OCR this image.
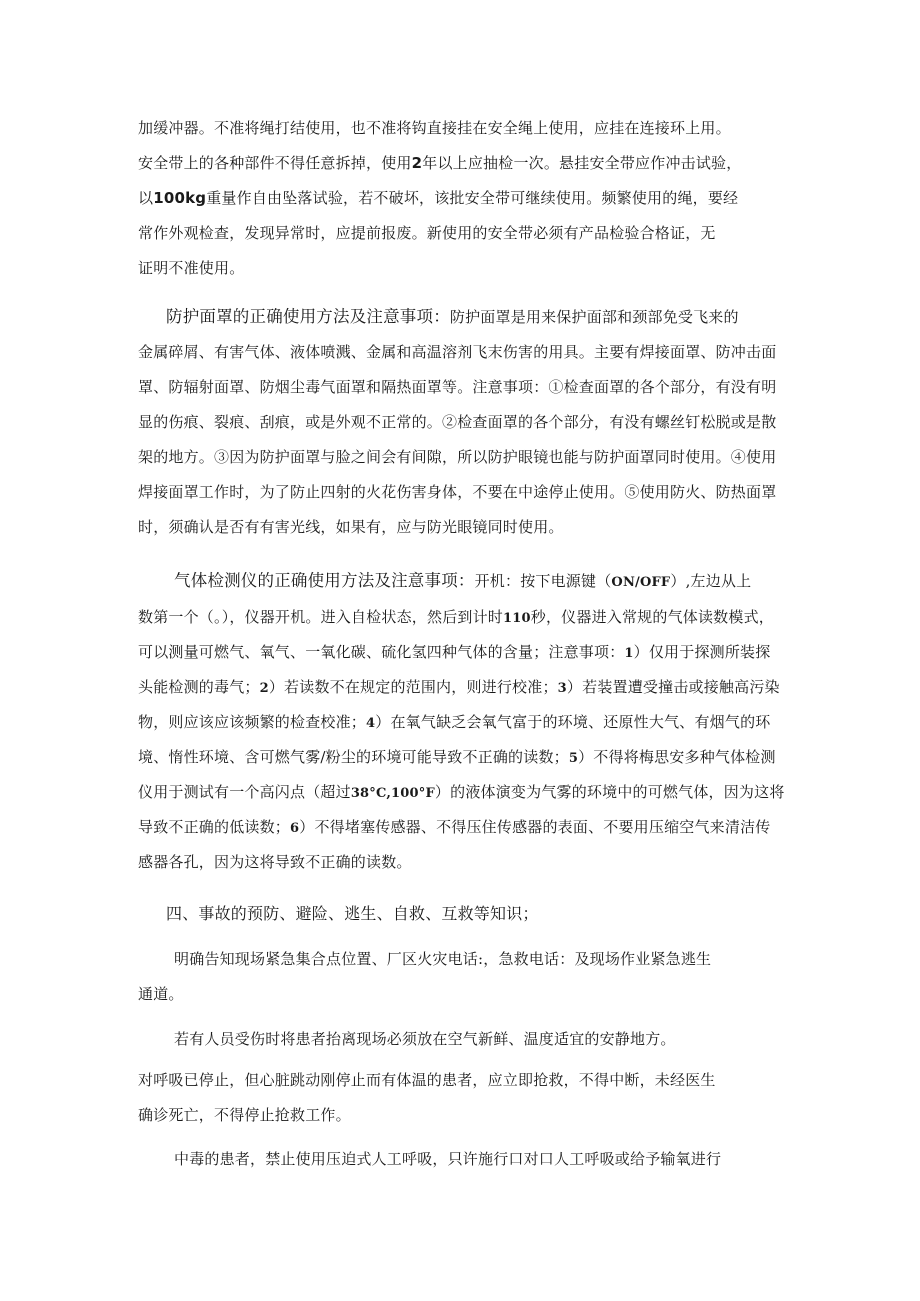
加缓冲器。不准将绳打结使用，也不准将钩直接挂在安全绳上使用，应挂在连接环上用。
安全带上的各种部件不得任意拆掉，使用2年以上应抽检一次。悬挂安全带应作冲击试验，
以100kg重量作自由坠落试验，若不破坏，该批安全带可继续使用。频繁使用的绳，要经
常作外观检查，发现异常时，应提前报废。新使用的安全带必须有产品检验合格证，无
证明不准使用。
防护面罩的正确使用方法及注意事项：防护面罩是用来保护面部和颈部免受飞来的
金属碎屑、有害气体、液体喷溅、金属和高温溶剂飞末伤害的用具。主要有焊接面罩、防冲击面
罩、防辐射面罩、防烟尘毒气面罩和隔热面罩等。注意事项：①检查面罩的各个部分，有没有明
显的伤痕、裂痕、刮痕，或是外观不正常的。②检查面罩的各个部分，有没有螺丝钉松脱或是散
架的地方。③因为防护面罩与脸之间会有间隙，所以防护眼镜也能与防护面罩同时使用。④使用
焊接面罩工作时，为了防止四射的火花伤害身体，不要在中途停止使用。⑤使用防火、防热面罩
时，须确认是否有有害光线，如果有，应与防光眼镜同时使用。
气体检测仪的正确使用方法及注意事项：开机：按下电源键（ON/OFF）,左边从上
数第一个（。），仪器开机。进入自检状态，然后到计时110秒，仪器进入常规的气体读数模式，
可以测量可燃气、氧气、一氧化碳、硫化氢四种气体的含量；注意事项：1）仅用于探测所装探
头能检测的毒气；2）若读数不在规定的范围内，则进行校准；3）若装置遭受撞击或接触高污染
物，则应该应该频繁的检查校准；4）在氧气缺乏会氧气富于的环境、还原性大气、有烟气的环
境、惰性环境、含可燃气雾/粉尘的环境可能导致不正确的读数；5）不得将梅思安多种气体检测
仪用于测试有一个高闪点（超过38°C,100°F）的液体演变为气雾的环境中的可燃气体，因为这将
导致不正确的低读数；6）不得堵塞传感器、不得压住传感器的表面、不要用压缩空气来清洁传
感器各孔，因为这将导致不正确的读数。
四、事故的预防、避险、逃生、自救、互救等知识；
明确告知现场紧急集合点位置、厂区火灾电话:，急救电话：及现场作业紧急逃生
通道。
若有人员受伤时将患者抬离现场必须放在空气新鲜、温度适宜的安静地方。
对呼吸已停止，但心脏跳动刚停止而有体温的患者，应立即抢救，不得中断，未经医生
确诊死亡，不得停止抢救工作。
中毒的患者，禁止使用压迫式人工呼吸，只许施行口对口人工呼吸或给予输氧进行
